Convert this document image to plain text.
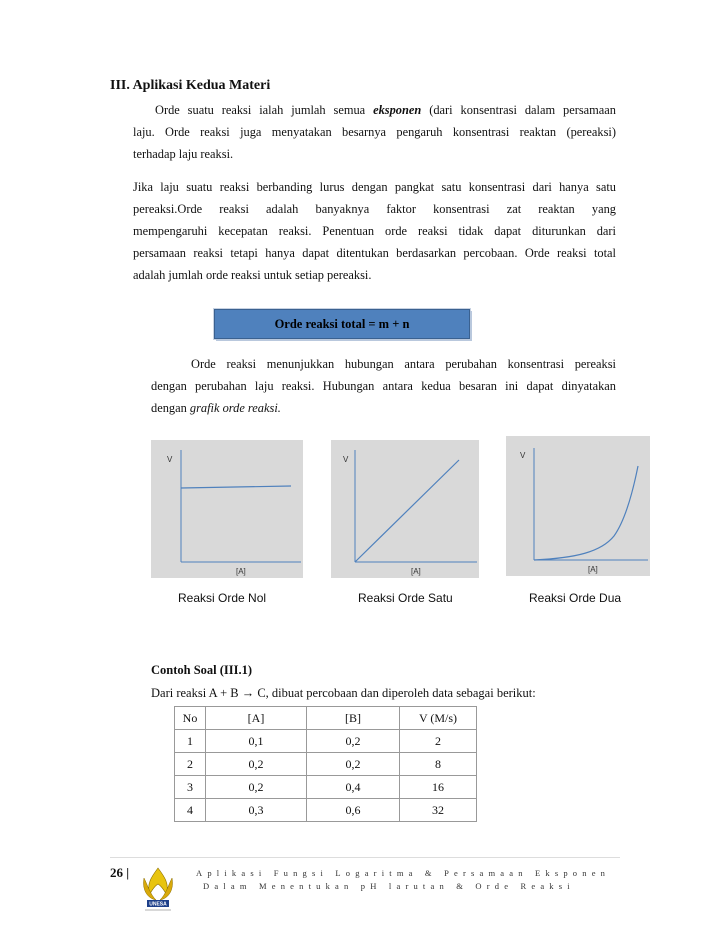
III. Aplikasi Kedua Materi
Orde suatu reaksi ialah jumlah semua eksponen (dari konsentrasi dalam persamaan
laju. Orde reaksi juga menyatakan besarnya pengaruh konsentrasi reaktan (pereaksi)
terhadap laju reaksi.
Jika laju suatu reaksi berbanding lurus dengan pangkat satu konsentrasi dari hanya satu
pereaksi.Orde reaksi adalah banyaknya faktor konsentrasi zat reaktan yang
mempengaruhi kecepatan reaksi. Penentuan orde reaksi tidak dapat diturunkan dari
persamaan reaksi tetapi hanya dapat ditentukan berdasarkan percobaan. Orde reaksi total
adalah jumlah orde reaksi untuk setiap pereaksi.
Orde reaksi total = m + n
Orde reaksi menunjukkan hubungan antara perubahan konsentrasi pereaksi
dengan perubahan laju reaksi. Hubungan antara kedua besaran ini dapat dinyatakan
dengan grafik orde reaksi.
V
[A]
V
[A]
V
[A]
Reaksi Orde Nol	Reaksi Orde Satu	Reaksi Orde Dua
Contoh Soal (III.1)
Dari reaksi A + B → C, dibuat percobaan dan diperoleh data sebagai berikut:
No	[A]	[B]	V (M/s)
1	0,1	0,2	2
2	0,2	0,2	8
3	0,2	0,4	16
4	0,3	0,6	32
26 |
UNESA
Aplikasi Fungsi Logaritma & Persamaan Eksponen
Dalam Menentukan pH larutan & Orde Reaksi
